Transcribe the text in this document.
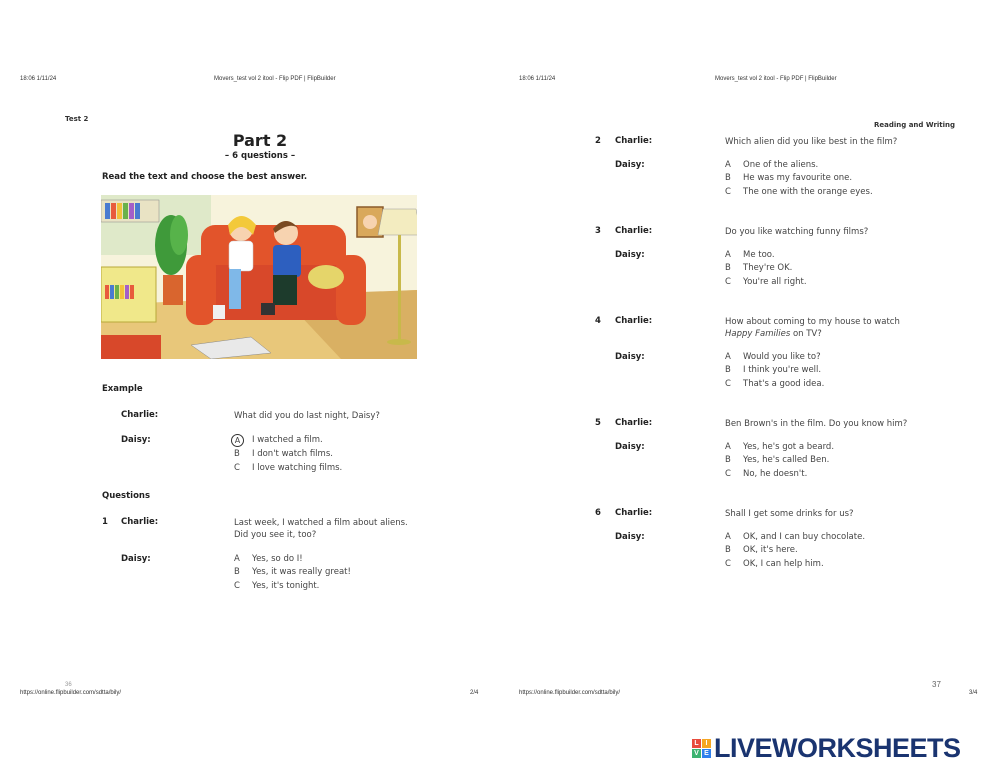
18:06 1/11/24	Movers_test vol 2 itool - Flip PDF | FlipBuilder	18:06 1/11/24	Movers_test vol 2 itool - Flip PDF | FlipBuilder
https://online.flipbuilder.com/sdtta/bily/	2/4	https://online.flipbuilder.com/sdtta/bily/	3/4
Test 2
Part 2
– 6 questions –
Read the text and choose the best answer.
Example
Charlie:	What did you do last night, Daisy?
Daisy:	A	I watched a film.
B	I don't watch films.
C	I love watching films.
Questions
1 Charlie:	Last week, I watched a film about aliens.
Did you see it, too?
Daisy:	A	Yes, so do I!
B	Yes, it was really great!
C	Yes, it's tonight.
36
Reading and Writing
2 Charlie:	Which alien did you like best in the film?
Daisy:	A	One of the aliens.
B	He was my favourite one.
C	The one with the orange eyes.
3 Charlie:	Do you like watching funny films?
Daisy:	A	Me too.
B	They're OK.
C	You're all right.
4 Charlie:	How about coming to my house to watch
Happy Families on TV?
Daisy:	A	Would you like to?
B	I think you're well.
C	That's a good idea.
5 Charlie:	Ben Brown's in the film. Do you know him?
Daisy:	A	Yes, he's got a beard.
B	Yes, he's called Ben.
C	No, he doesn't.
6 Charlie:	Shall I get some drinks for us?
Daisy:	A	OK, and I can buy chocolate.
B	OK, it's here.
C	OK, I can help him.
37
L I
V E LIVEWORKSHEETS
